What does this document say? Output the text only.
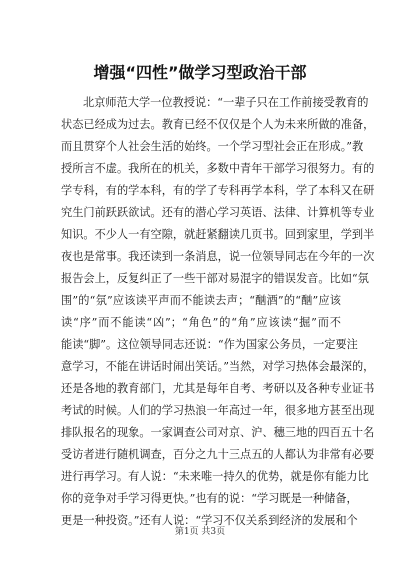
增强“四性”做学习型政治干部
北京师范大学一位教授说：“一辈子只在工作前接受教育的
状态已经成为过去。教育已经不仅仅是个人为未来所做的准备，
而且贯穿个人社会生活的始终。一个学习型社会正在形成。”教
授所言不虚。我所在的机关，多数中青年干部学习很努力。有的
学专科，有的学本科，有的学了专科再学本科，学了本科又在研
究生门前跃跃欲试。还有的潜心学习英语、法律、计算机等专业
知识。不少人一有空隙，就赶紧翻读几页书。回到家里，学到半
夜也是常事。我还读到一条消息，说一位领导同志在今年的一次
报告会上，反复纠正了一些干部对易混字的错误发音。比如“氛
围”的“氛”应该读平声而不能读去声；“酗酒”的“酗”应该
读“序”而不能读“凶”；“角色”的“角”应该读“掘”而不
能读“脚”。这位领导同志还说：“作为国家公务员，一定要注
意学习，不能在讲话时闹出笑话。”当然，对学习热体会最深的，
还是各地的教育部门，尤其是每年自考、考研以及各种专业证书
考试的时候。人们的学习热浪一年高过一年，很多地方甚至出现
排队报名的现象。一家调查公司对京、沪、穗三地的四百五十名
受访者进行随机调查，百分之九十三点五的人都认为非常有必要
进行再学习。有人说：“未来唯一持久的优势，就是你有能力比
你的竞争对手学习得更快。”也有的说：“学习既是一种储备，
更是一种投资。”还有人说：“学习不仅关系到经济的发展和个
第1页 共3页
